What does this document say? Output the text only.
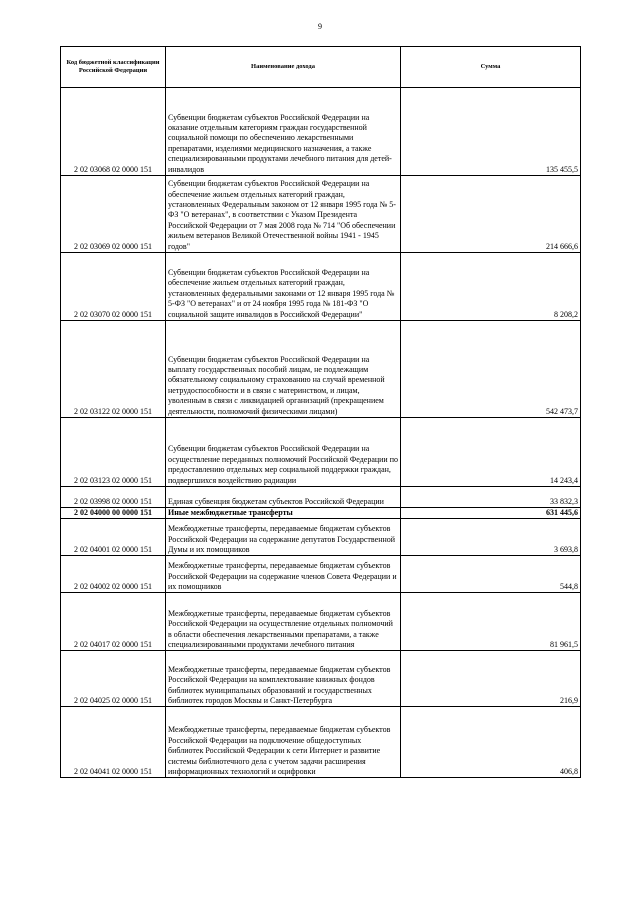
9
Код бюджетной классификации Российской Федерации	Наименование дохода	Сумма
2 02 03068 02 0000 151	Субвенции бюджетам субъектов Российской Федерации на оказание отдельным категориям граждан государственной социальной помощи по обеспечению лекарственными препаратами, изделиями медицинского назначения, а также специализированными продуктами лечебного питания для детей-инвалидов	135 455,5
2 02 03069 02 0000 151	Субвенции бюджетам субъектов Российской Федерации на обеспечение жильем отдельных категорий граждан, установленных Федеральным законом от 12 января 1995 года № 5-ФЗ "О ветеранах", в соответствии с Указом Президента Российской Федерации от 7 мая 2008 года № 714 "Об обеспечении жильем ветеранов Великой Отечественной войны 1941 - 1945 годов"	214 666,6
2 02 03070 02 0000 151	Субвенции бюджетам субъектов Российской Федерации на обеспечение жильем отдельных категорий граждан, установленных федеральными законами от 12 января 1995 года № 5-ФЗ "О ветеранах" и от 24 ноября 1995 года № 181-ФЗ "О социальной защите инвалидов в Российской Федерации"	8 208,2
2 02 03122 02 0000 151	Субвенции бюджетам субъектов Российской Федерации на выплату государственных пособий лицам, не подлежащим обязательному социальному страхованию на случай временной нетрудоспособности и в связи с материнством, и лицам, уволенным в связи с ликвидацией организаций (прекращением деятельности, полномочий физическими лицами)	542 473,7
2 02 03123 02 0000 151	Субвенции бюджетам субъектов Российской Федерации на осуществление переданных полномочий Российской Федерации по предоставлению отдельных мер социальной поддержки граждан, подвергшихся воздействию радиации	14 243,4
2 02 03998 02 0000 151	Единая субвенция бюджетам субъектов Российской Федерации	33 832,3
2 02 04000 00 0000 151	Иные межбюджетные трансферты	631 445,6
2 02 04001 02 0000 151	Межбюджетные трансферты, передаваемые бюджетам субъектов Российской Федерации на содержание депутатов Государственной Думы и их помощников	3 693,8
2 02 04002 02 0000 151	Межбюджетные трансферты, передаваемые бюджетам субъектов Российской Федерации на содержание членов Совета Федерации и их помощников	544,8
2 02 04017 02 0000 151	Межбюджетные трансферты, передаваемые бюджетам субъектов Российской Федерации на осуществление отдельных полномочий в области обеспечения лекарственными препаратами, а также специализированными продуктами лечебного питания	81 961,5
2 02 04025 02 0000 151	Межбюджетные трансферты, передаваемые бюджетам субъектов Российской Федерации на комплектование книжных фондов библиотек муниципальных образований и государственных библиотек городов Москвы и Санкт-Петербурга	216,9
2 02 04041 02 0000 151	Межбюджетные трансферты, передаваемые бюджетам субъектов Российской Федерации на подключение общедоступных библиотек Российской Федерации к сети Интернет и развитие системы библиотечного дела с учетом задачи расширения информационных технологий и оцифровки	406,8
